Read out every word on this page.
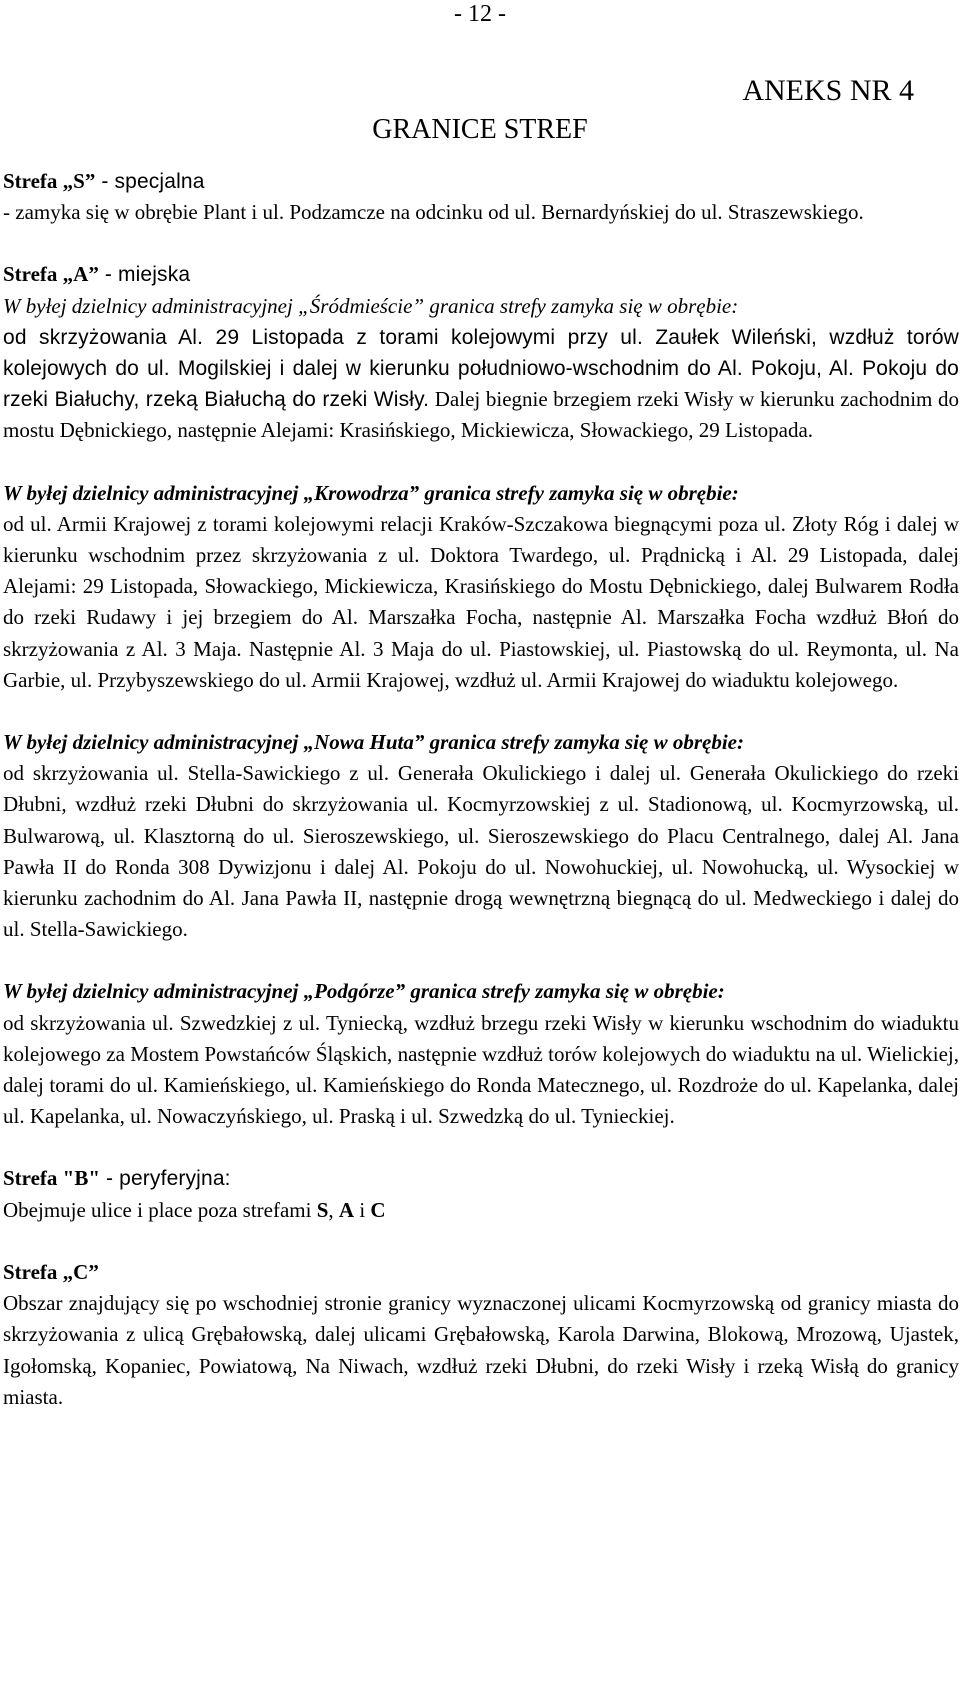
- 12 -
ANEKS NR 4
GRANICE STREF

Strefa „S” - specjalna

- zamyka się w obrębie Plant i ul. Podzamcze na odcinku od ul. Bernardyńskiej do ul. Straszewskiego.

Strefa „A” - miejska

W byłej dzielnicy administracyjnej „Śródmieście” granica strefy zamyka się w obrębie:

od skrzyżowania Al. 29 Listopada z torami kolejowymi przy ul. Zaułek Wileński, wzdłuż torów kolejowych do ul. Mogilskiej i dalej w kierunku południowo-wschodnim do Al. Pokoju, Al. Pokoju do rzeki Białuchy, rzeką Białuchą do rzeki Wisły. Dalej biegnie brzegiem rzeki Wisły w kierunku zachodnim do mostu Dębnickiego, następnie Alejami: Krasińskiego, Mickiewicza, Słowackiego, 29 Listopada.

W byłej dzielnicy administracyjnej „Krowodrza” granica strefy zamyka się w obrębie:

od ul. Armii Krajowej z torami kolejowymi relacji Kraków-Szczakowa biegnącymi poza ul. Złoty Róg i dalej w kierunku wschodnim przez skrzyżowania z ul. Doktora Twardego, ul. Prądnicką i Al. 29 Listopada, dalej Alejami: 29 Listopada, Słowackiego, Mickiewicza, Krasińskiego do Mostu Dębnickiego, dalej Bulwarem Rodła do rzeki Rudawy i jej brzegiem do Al. Marszałka Focha, następnie Al. Marszałka Focha wzdłuż Błoń do skrzyżowania z Al. 3 Maja. Następnie Al. 3 Maja do ul. Piastowskiej, ul. Piastowską do ul. Reymonta, ul. Na Garbie, ul. Przybyszewskiego do ul. Armii Krajowej, wzdłuż ul. Armii Krajowej do wiaduktu kolejowego.

W byłej dzielnicy administracyjnej „Nowa Huta” granica strefy zamyka się w obrębie:

od skrzyżowania ul. Stella-Sawickiego z ul. Generała Okulickiego i dalej ul. Generała Okulickiego do rzeki Dłubni, wzdłuż rzeki Dłubni do skrzyżowania ul. Kocmyrzowskiej z ul. Stadionową, ul. Kocmyrzowską, ul. Bulwarową, ul. Klasztorną do ul. Sieroszewskiego, ul. Sieroszewskiego do Placu Centralnego, dalej Al. Jana Pawła II do Ronda 308 Dywizjonu i dalej Al. Pokoju do ul. Nowohuckiej, ul. Nowohucką, ul. Wysockiej w kierunku zachodnim do Al. Jana Pawła II, następnie drogą wewnętrzną biegnącą do ul. Medweckiego i dalej do ul. Stella-Sawickiego.

W byłej dzielnicy administracyjnej „Podgórze” granica strefy zamyka się w obrębie:

od skrzyżowania ul. Szwedzkiej z ul. Tyniecką, wzdłuż brzegu rzeki Wisły w kierunku wschodnim do wiaduktu kolejowego za Mostem Powstańców Śląskich, następnie wzdłuż torów kolejowych do wiaduktu na ul. Wielickiej, dalej torami do ul. Kamieńskiego, ul. Kamieńskiego do Ronda Matecznego, ul. Rozdroże do ul. Kapelanka, dalej ul. Kapelanka, ul. Nowaczyńskiego, ul. Praską i ul. Szwedzką do ul. Tynieckiej.

Strefa "B" - peryferyjna:

Obejmuje ulice i place poza strefami S, A i C

Strefa „C”

Obszar znajdujący się po wschodniej stronie granicy wyznaczonej ulicami Kocmyrzowską od granicy miasta do skrzyżowania z ulicą Grębałowską, dalej ulicami Grębałowską, Karola Darwina, Blokową, Mrozową, Ujastek, Igołomską, Kopaniec, Powiatową, Na Niwach, wzdłuż rzeki Dłubni, do rzeki Wisły i rzeką Wisłą do granicy miasta.
